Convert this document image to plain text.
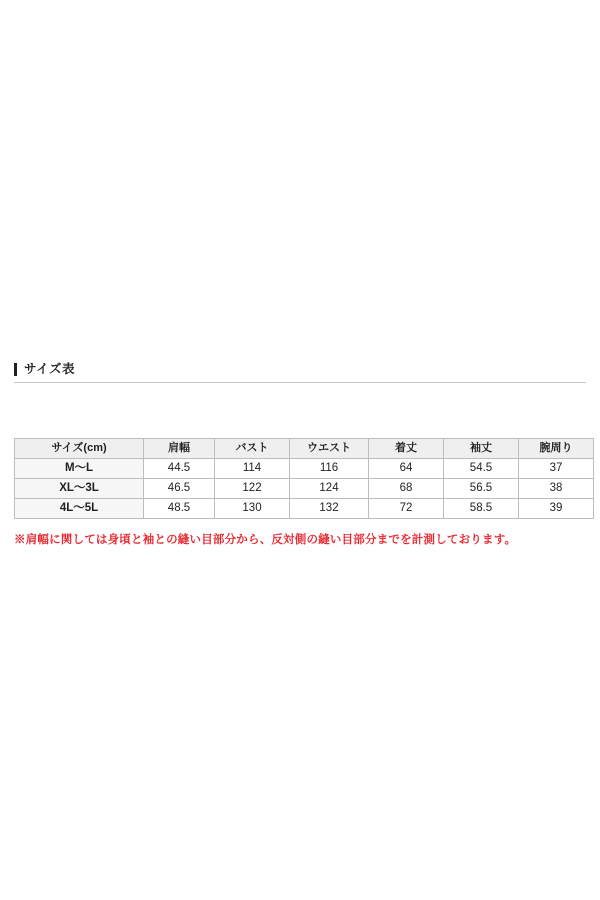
サイズ表
サイズ(cm)	肩幅	バスト	ウエスト	着丈	袖丈	腕周り
M〜L	44.5	114	116	64	54.5	37
XL〜3L	46.5	122	124	68	56.5	38
4L〜5L	48.5	130	132	72	58.5	39
※肩幅に関しては身頃と袖との縫い目部分から、反対側の縫い目部分までを計測しております。
